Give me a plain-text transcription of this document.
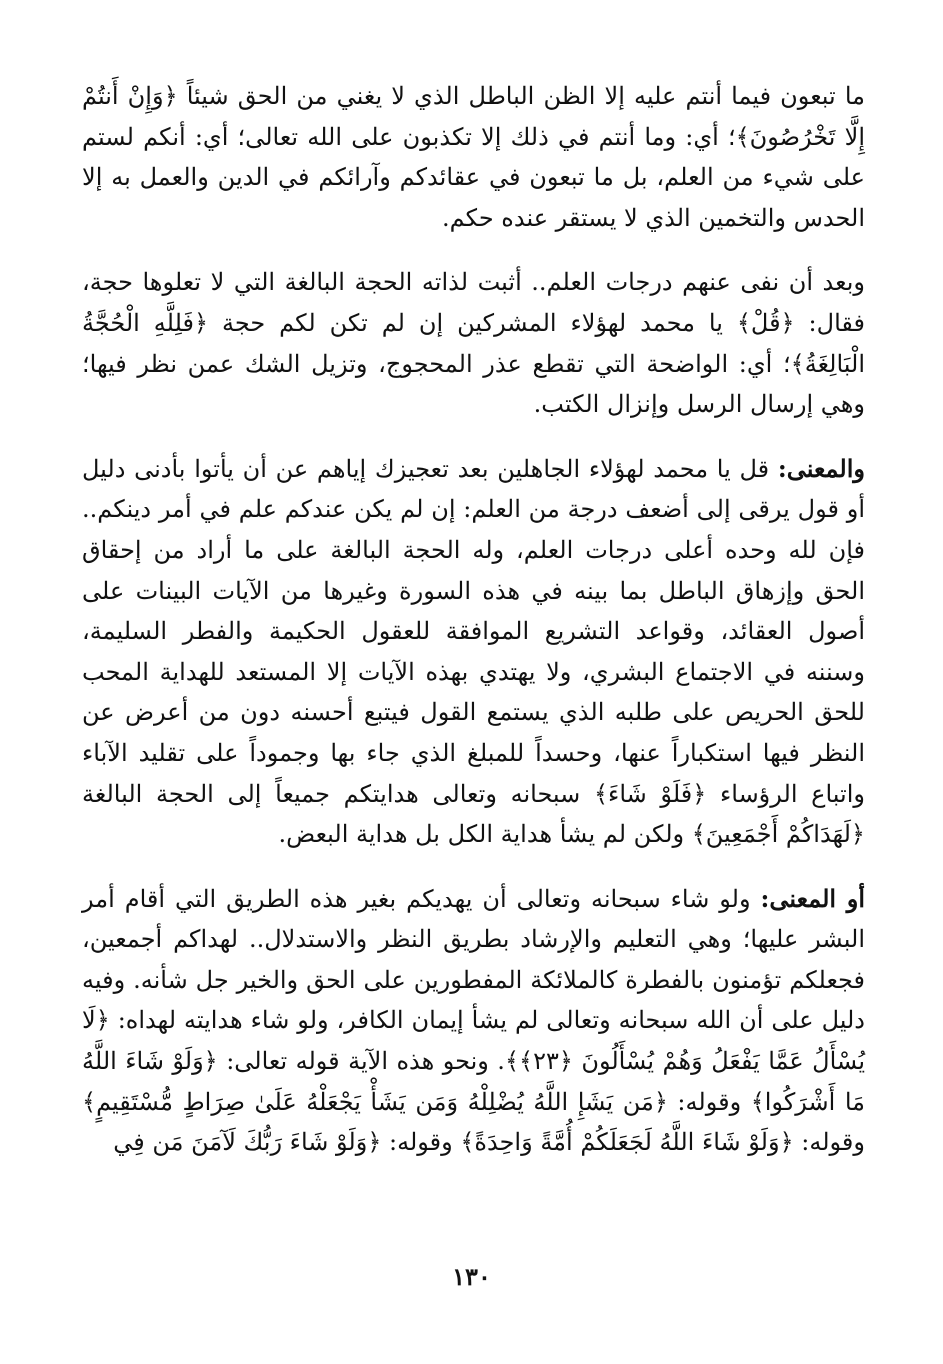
ما تبعون فيما أنتم عليه إلا الظن الباطل الذي لا يغني من الحق شيئاً ﴿وَإِنْ أَنتُمْ إِلَّا تَخْرُصُونَ﴾؛ أي: وما أنتم في ذلك إلا تكذبون على الله تعالى؛ أي: أنكم لستم على شيء من العلم، بل ما تبعون في عقائدكم وآرائكم في الدين والعمل به إلا الحدس والتخمين الذي لا يستقر عنده حكم.

وبعد أن نفى عنهم درجات العلم.. أثبت لذاته الحجة البالغة التي لا تعلوها حجة، فقال: ﴿قُلْ﴾ يا محمد لهؤلاء المشركين إن لم تكن لكم حجة ﴿فَلِلَّهِ الْحُجَّةُ الْبَالِغَةُ﴾؛ أي: الواضحة التي تقطع عذر المحجوج، وتزيل الشك عمن نظر فيها؛ وهي إرسال الرسل وإنزال الكتب.

والمعنى: قل يا محمد لهؤلاء الجاهلين بعد تعجيزك إياهم عن أن يأتوا بأدنى دليل أو قول يرقى إلى أضعف درجة من العلم: إن لم يكن عندكم علم في أمر دينكم.. فإن لله وحده أعلى درجات العلم، وله الحجة البالغة على ما أراد من إحقاق الحق وإزهاق الباطل بما بينه في هذه السورة وغيرها من الآيات البينات على أصول العقائد، وقواعد التشريع الموافقة للعقول الحكيمة والفطر السليمة، وسننه في الاجتماع البشري، ولا يهتدي بهذه الآيات إلا المستعد للهداية المحب للحق الحريص على طلبه الذي يستمع القول فيتبع أحسنه دون من أعرض عن النظر فيها استكباراً عنها، وحسداً للمبلغ الذي جاء بها وجموداً على تقليد الآباء واتباع الرؤساء ﴿فَلَوْ شَاءَ﴾ سبحانه وتعالى هدايتكم جميعاً إلى الحجة البالغة ﴿لَهَدَاكُمْ أَجْمَعِينَ﴾ ولكن لم يشأ هداية الكل بل هداية البعض.

أو المعنى: ولو شاء سبحانه وتعالى أن يهديكم بغير هذه الطريق التي أقام أمر البشر عليها؛ وهي التعليم والإرشاد بطريق النظر والاستدلال.. لهداكم أجمعين، فجعلكم تؤمنون بالفطرة كالملائكة المفطورين على الحق والخير جل شأنه. وفيه دليل على أن الله سبحانه وتعالى لم يشأ إيمان الكافر، ولو شاء هدايته لهداه: ﴿لَا يُسْأَلُ عَمَّا يَفْعَلُ وَهُمْ يُسْأَلُونَ ﴿٢٣﴾﴾. ونحو هذه الآية قوله تعالى: ﴿وَلَوْ شَاءَ اللَّهُ مَا أَشْرَكُوا﴾ وقوله: ﴿مَن يَشَإِ اللَّهُ يُضْلِلْهُ وَمَن يَشَأْ يَجْعَلْهُ عَلَىٰ صِرَاطٍ مُّسْتَقِيمٍ﴾ وقوله: ﴿وَلَوْ شَاءَ اللَّهُ لَجَعَلَكُمْ أُمَّةً وَاحِدَةً﴾ وقوله: ﴿وَلَوْ شَاءَ رَبُّكَ لَآمَنَ مَن فِي

١٣٠
